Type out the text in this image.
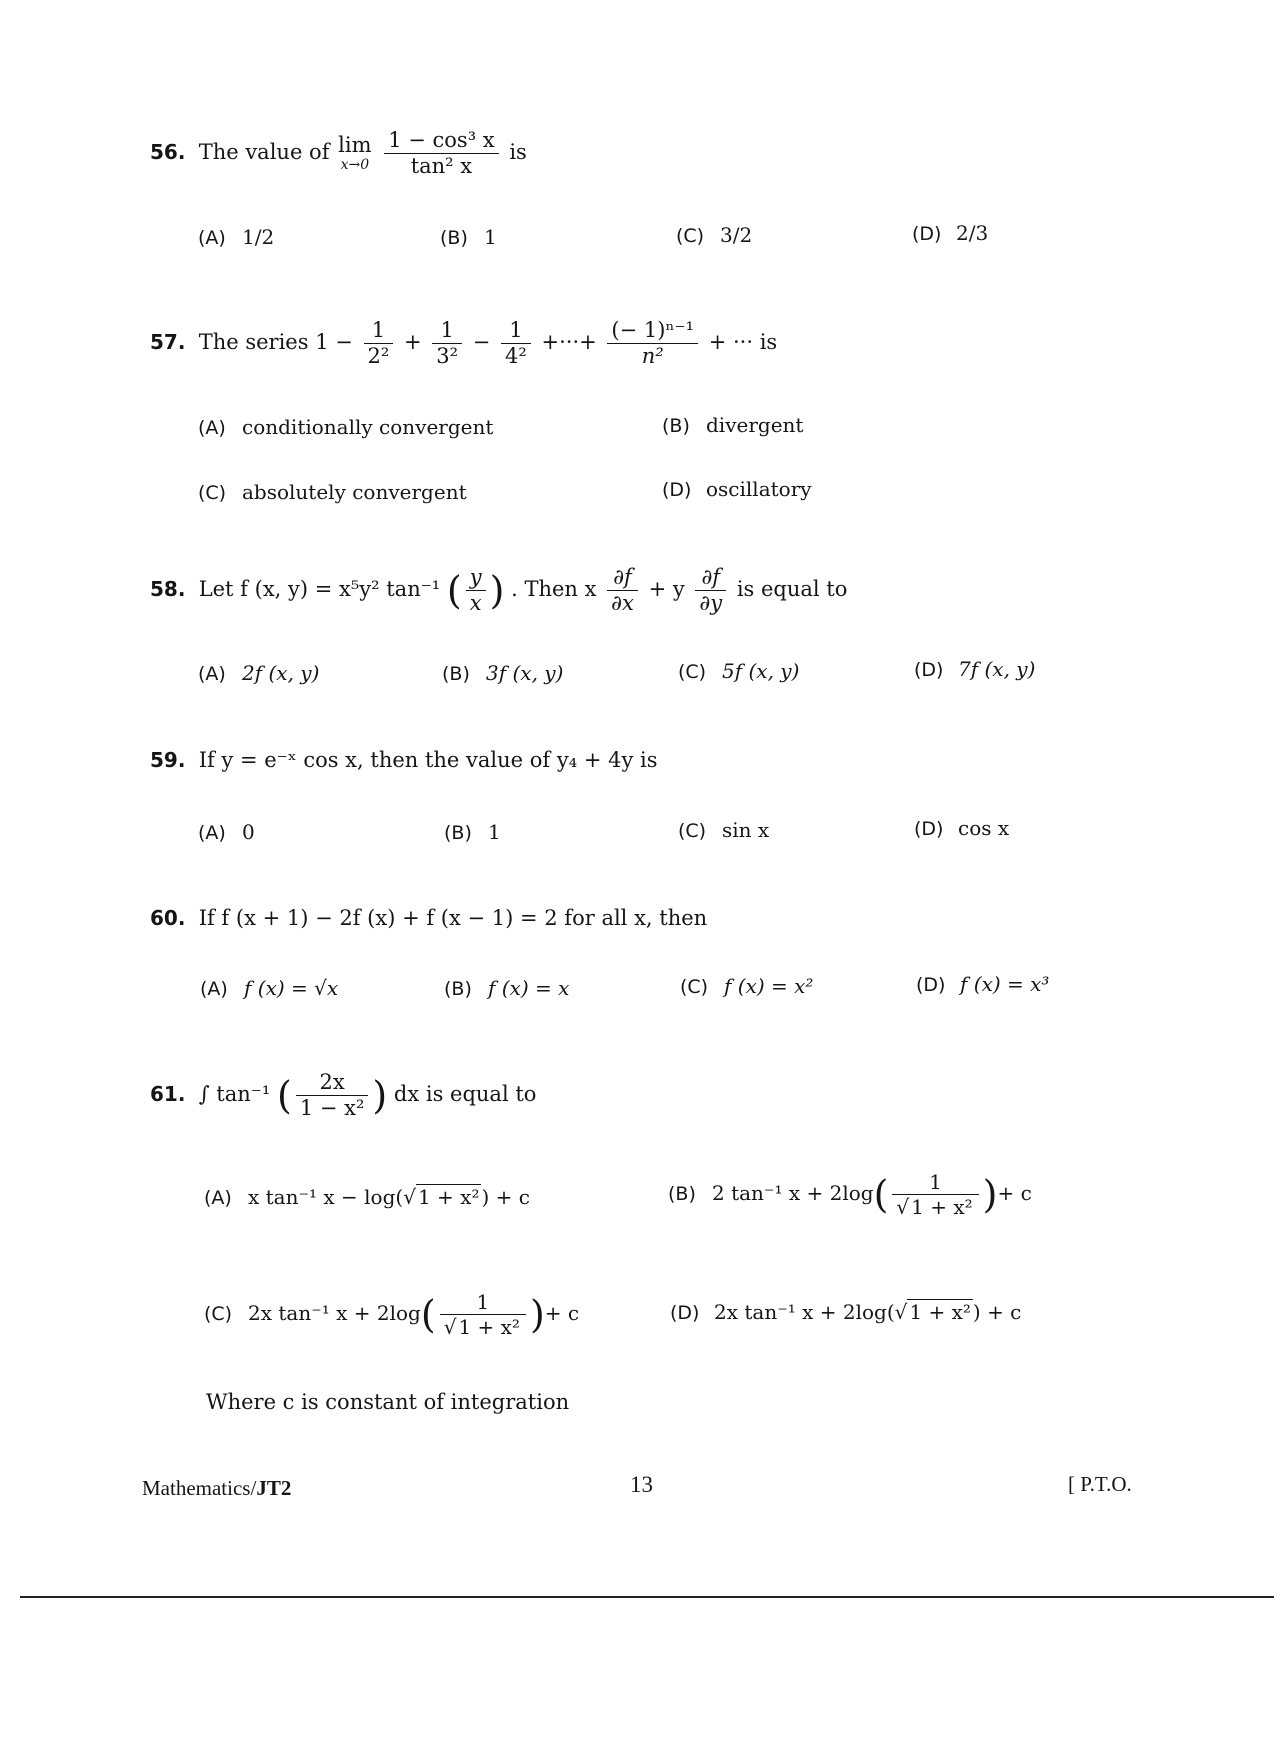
56. The value of lim
x→0
$\frac{\text{1 − cos³ x}}{\text{tan² x}}$ is
(A) 1/2	(B) 1	(C) 3/2	(D) 2/3
57. The series $1 - \frac{1}{\text{2²}} + \frac{1}{\text{3²}} - \frac{1}{\text{4²}}$ +···+ $\frac{\text{(− 1)ⁿ⁻¹}}{\text{n²}}$ + ··· is
(A) conditionally convergent	(B) divergent
(C) absolutely convergent	(D) oscillatory
58. Let f (x, y) = x⁵y² tan⁻¹ ( $\frac{y}{x}$ ) . Then x $\frac{\partial f}{\partial x} + y \frac{\partial f}{\partial y}$ is equal to
(A) 2f (x, y)	(B) 3f (x, y)	(C) 5f (x, y)	(D) 7f (x, y)
59. If y = e⁻ˣ cos x, then the value of y₄ + 4y is
(A) 0	(B) 1	(C) sin x	(D) cos x
60. If f (x + 1) − 2f (x) + f (x − 1) = 2 for all x, then
(A) f (x) = √x	(B) f (x) = x	(C) f (x) = x²	(D) f (x) = x³
61. ∫ tan⁻¹ ( $\frac{2x}{\text{1 − x²}}$ ) dx is equal to
(A) x tan⁻¹ x − log(√ 1 + x² ) + c	(B) 2 tan⁻¹ $x + 2\log( \frac{1}{\text{√ 1 + x²}}$ )+ c
(C) 2x tan⁻¹ $x + 2\log( \frac{1}{\text{√ 1 + x²}}$ )+ c	(D) 2x tan⁻¹ x + 2log(√ 1 + x² ) + c
Where c is constant of integration
Mathematics/JT2	13	[ P.T.O.
